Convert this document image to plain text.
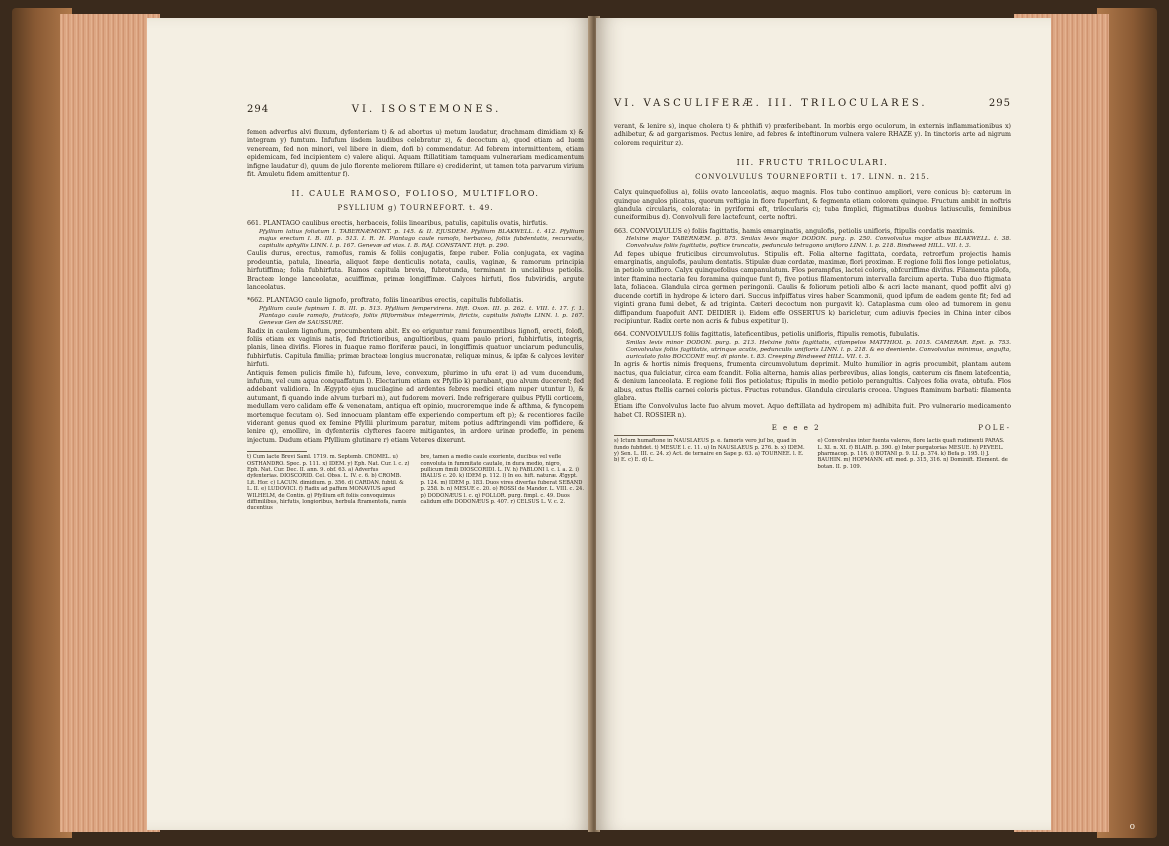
294	VI. ISOSTEMONES.

femen adverfus alvi fluxum, dyfenteriam t) & ad abortus u) metum laudatur, drachmam dimidiam x) & integram y) fumtum. Infufum iisdem laudibus celebratur z), & decoctum a), quod etiam ad luem veneream, fed non minori, vel libere in diem, dofi b) commendatur. Ad febrem intermittentem, etiam epidemicam, fed incipientem c) valere aliqui. Aquam ftillatitiam tamquam vulnerariam medicamentum infigne laudatur d), quum de julo florente meliorem ftillare e) crediderint, ut tamen tota parvarum virium fit. Amuletu fidem amittentur f).

II. CAULE RAMOSO, FOLIOSO, MULTIFLORO.
PSYLLIUM g) TOURNEFORT. t. 49.

661. PLANTAGO caulibus erectis, herbaceis, foliis linearibus, patulis, capitulis ovatis, hirfutis.

Pfyllium latius foliatum I. TABERNÆMONT. p. 145. & II. EJUSDEM. Pfyllium BLAKWELL. t. 412. Pfyllium majus erectum I. B. III. p. 513. I. R. H. Plantago caule ramofo, herbaceo, foliis fubdentatis, recurvatis, capitulis aphyllis LINN. l. p. 167. Genevæ ad vias. I. B. RAJ. CONSTANT. Hift. p. 290.

Caulis durus, erectus, ramofus, ramis & foliis conjugatis, fæpe ruber. Folia conjugata, ex vagina prodeuntia, patula, linearia, aliquot fæpe denticulis notata, caulis, vaginæ, & ramorum principia hirfutiffima; folia fubhirfuta. Ramos capitula brevia, fubrotunda, terminant in uncialibus petiolis. Bracteæ longe lanceolatæ, acuiffimæ, primæ longiffimæ. Calyces hirfuti, flos fubviridis, argute lanceolatus.

*662. PLANTAGO caule lignofo, proftrato, foliis linearibus erectis, capitulis fubfoliatis.

Pfyllium caule fupinum I. B. III. p. 513. Pfyllium fempervirens. Hift. Oxon. III. p. 262. t. VIII. t. 17. f. 1. Plantago caule ramofo, fruticofo, foliis filiformibus integerrimis, firictis, capitulis foliofis LINN. l. p. 167. Genevæ Gen de SAUSSURE.

Radix in caulem lignofum, procumbentem abit. Ex eo eriguntur rami fenumentibus lignofi, erecti, folofi, foliis etiam ex vaginis natis, fed ftrictioribus, angultioribus, quam paulo priori, fubhirfutis, integris, planis, linea divifis. Flores in fuaque ramo floriferæ pauci, in longiffimis quatuor unciarum pedunculis, fubhirfutis. Capitula fimilia; primæ bracteæ longius mucronatæ, reliquæ minus, & ipfæ & calyces leviter hirfuti.

Antiquis femen pulicis fimile h), fufcum, leve, convexum, plurimo in ufu erat i) ad vum ducendum, infufum, vel cum aqua conquaffatum l). Electarium etiam ex Pfyllio k) parabant, quo alvum ducerent; fed addebant validiora. In Ægypto ejus mucilagine ad ardentes febres medici etiam nuper utuntur l), & autumant, fi quando inde alvum turbari m), aut fudorem moveri. Inde refrigerare quibus Pfylli corticem, medullam vero calidam effe & venenatam, antiqua eft opinio, mucroremque inde & afthma, & fyncopem mortemque fecutam o). Sed innocuam plantam effe experiendo compertum eft p); & recentiores facile viderant genus quod ex femine Pfyllii plurimum paratur, mitem potius adftringendi vim poffidere, & lenire q), emollire, in dyfenteriis clyfteres facere mitigantes, in ardore urinæ prodeffe, in penem injectum. Dudum etiam Pfyllium glutinare r) etiam Veteres dixerunt.

t) Cum lacte Brevi Saml. 1719. m. Septemb. CROMEL. u) OSTHANDRO. Spec. p. 111. x) IDEM. y) Eph. Nat. Cur. l. c. z) Eph. Nat. Cur. Dec. II. ann. 9. obf. 63. a) Adverfus dyfenterias. DIOSCORID. Cel. Obss. L. IV. c. 6. b) CROMB. Lit. Hor. c) LACUN. dimidium. p. 356. d) CARDAN. fubtil. & L. II. e) LUDOVICI. f) Radix ad paffum MONAVIUS apud WILHELM, de Contin. g) Pfyllium eft foliis convoquimus diffimilibus, hirfutis, longioribus, herbula ftramentofa, ramis ducentius
bre, tamen a medio caule exoriente, ducibus vel vefle convoluta in fummitate cautale, in dura medio, nigro, pullicum fimili DIOSCORIDI. L. IV. h) FABLONI l. c. l. a. 2. i) IBALUS c. 20. k) IDEM p. 112. l) In eo. hift. naturæ. Ægypt. p. 124. m) IDEM p. 183. Duos vires diverfas fuberat SEBAND p. 258. b. n) MESUE c. 20. o) ROSSI de Mandor. L. VIII. c. 24. p) DODONÆUS l. c. q) FOLLOR. purg. fimpl. c. 49. Duos calidum effe DODONÆUS p. 407. r) CELSUS L. V. c. 2.
VI. VASCULIFERÆ. III. TRILOCULARES.	295

verant, & lenire s), inque cholera t) & phthifi v) præferibebant. In morbis ergo oculorum, in externis inflammationibus x) adhibetur, & ad gargarismos. Pectus lenire, ad febres & inteftinorum vulnera valere RHAZE y). In tinctoris arte ad nigrum colorem requiritur z).

III. FRUCTU TRILOCULARI.
CONVOLVULUS TOURNEFORTII t. 17. LINN. n. 215.

Calyx quinquefolius a), foliis ovato lanceolatis, æquo magnis. Flos tubo continuo ampliori, vere conicus b): cæterum in quinque angulos plicatus, quorum veftigia in flore fuperfunt, & fegmenta etiam colorem quinque. Fructum ambit in noftris glandula circularis, colorata: in pyriformi eft, trilocularis c); tuba fimplici, ftigmatibus duobus latiusculis, feminibus cuneiformibus d). Convolvuli fere lactefcunt, certe noftri.

663. CONVOLVULUS e) foliis fagittatis, hamis emarginatis, angulofis, petiolis unifloris, ftipulis cordatis maximis.

Helxine major TABERNÆM. p. 875. Smilax levis major DODON. purg. p. 250. Convolvulus major albus BLAKWELL. t. 38. Convolvulus foliis fagittatis, poftice truncatis, pedunculo tetragono unifloro LINN. l. p. 218. Bindweed HILL. VII. t. 3.

Ad fepes ubique fruticibus circumvolutus. Stipulis eft. Folia alterne fagittata, cordata, retrorfum projectis hamis emarginatis, angulofis, paulum dentatis. Stipulæ duæ cordatæ, maximæ, flori proximæ. E regione folii flos longe petiolatus, in petiolo unifloro. Calyx quinquefolius campanulatum. Flos perampfus, lactei coloris, obfcuriffime divifus. Filamenta pilofa, inter ftamina nectaria feu foramina quinque funt f), five potius filamentorum intervalla farcium aperta. Tuba duo ftigmata lata, foliacea. Glandula circa germen peringonii. Caulis & foliorum petioli albo & acri lacte manant, quod poffit alvi g) ducende cortifi in hydrope & ictero dari. Succus infpiffatus vires haber Scammonii, quod ipfum de eadem gente fit; fed ad viginti grana fumi debet, & ad triginta. Cæteri decoctum non purgavit k). Cataplasma cum oleo ad tumorem in genu diffipandum fuapofuit ANT. DEIDIER i). Eidem effe OSSERTUS k) baricletur, cum adiuvis fpecies in China inter cibos recipiuntur. Radix certe non acris & fubus expetitur l).

664. CONVOLVULUS foliis fagittatis, lateficentibus, petiolis unifloris, ftipulis remotis, fubulatis.

Smilax levis minor DODON. purg. p. 213. Helxine foliis fagittatis, cifampelos MATTHIOL p. 1015. CAMERAR. Epit. p. 753. Convolvulus foliis fagittatis, utrinque acutis, pedunculis unifloris LINN. l. p. 218. & eo deeniente. Convolvulus minimus, angufta, auriculato folio BOCCONE muf. di piante. t. 83. Creeping Bindweed HILL. VII. t. 3.

In agris & hortis nimis frequens, frumenta circumvolutum deprimit. Multo humilior in agris procumbit, plantam autem nactus, qua fulciatur, circa eam fcandit. Folia alterna, hamis alias perbrevibus, alias longis, cæterum cis finem latefcentia, & denium lanceolata. E regione folii flos petiolatus; ftipulis in medio petiolo perangultis. Calyces folia ovata, obtufa. Flos albus, extus ftellis carnei coloris pictus. Fructus rotundus. Glandula circularis crocea. Ungues ftaminum barbati: filamenta glabra.

Etiam ifte Convolvulus lacte fuo alvum movet. Aquo deftillata ad hydropem m) adhibita fuit. Pro vulnerario medicamento habet CI. ROSSIER n).

E e e e 2	POLE-
s) Ictum humaftone in NAUSLAEUS p. e. famoris vero juf bo, quad in fundo fubfidet. t) MESUE l. c. 11. u) In NAUSLAEUS p. 276. b. x) IDEM. y) Sen. L. III. c. 24. z) Act. de ternaire en Sape p. 63. a) TOURNEE. l. E. b) E. c) E. d) L.
e) Convolvulus inter fuenta valeros, flore lactis quafi rudimenti PARAS. L. XI. n. XI. f) BLAIR. p. 390. g) Inter purgatorias MESUE. h) PEVEEL. pharmacop. p. 116. i) BOTANI p. 9. LI. p. 374. k) Befa p. 195. l) J. BAUHIN. m) HOFMANN. eff. med. p. 315, 316. n) Dominift. Element. de botan. II. p. 109.
o
